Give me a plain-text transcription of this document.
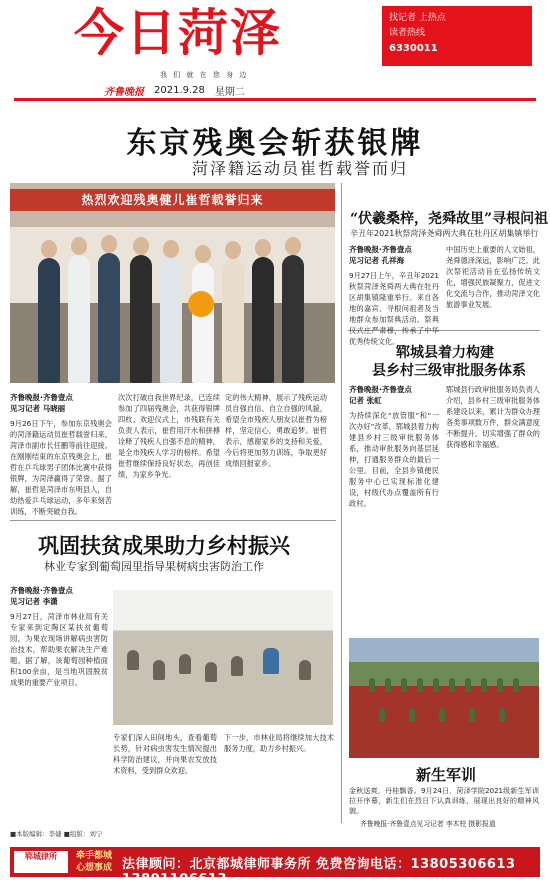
今日菏泽
我 们 就 在 您 身 边
齐鲁晚报 2021.9.28 星期二
找记者 上热点
读者热线
6330011
东京残奥会斩获银牌
菏泽籍运动员崔哲载誉而归
热烈欢迎残奥健儿崔哲载誉归来
齐鲁晚报·齐鲁壹点
见习记者 马晓丽
9月26日下午，参加东京残奥会的菏泽籍运动员崔哲载誉归来，菏泽市副市长任鹏等前往迎接。在刚刚结束的东京残奥会上，崔哲在乒乓球男子团体比赛中获得银牌，为菏泽赢得了荣誉。据了解，崔哲是菏泽市东明县人，自幼热爱乒乓球运动，多年来刻苦训练，不断突破自我。
次次打破自我世界纪录，已连续参加了四届残奥会，共获得银牌四枚。欢迎仪式上，市残联有关负责人表示，崔哲用汗水和拼搏诠释了残疾人自强不息的精神，是全市残疾人学习的榜样。希望崔哲继续保持良好状态，再创佳绩，为家乡争光。
定的伟大精神，展示了残疾运动员自强自信、自立自强的风貌，希望全市残疾人朋友以崔哲为榜样，坚定信心，勇敢追梦。崔哲表示，感谢家乡的支持和关爱，今后将更加努力训练，争取更好成绩回报家乡。
“伏羲桑梓，尧舜故里”寻根问祖
辛丑年2021秋祭菏泽尧舜两大典在牡丹区胡集镇举行
齐鲁晚报·齐鲁壹点
见习记者 孔祥海
9月27日上午，辛丑年2021秋祭菏泽尧舜两大典在牡丹区胡集镇隆重举行。来自各地的嘉宾、寻根问祖者及当地群众参加祭典活动。祭典仪式庄严肃穆，传承了中华优秀传统文化。
中国历史上重要的人文始祖，尧舜德泽深远，影响广泛。此次祭祀活动旨在弘扬传统文化，增强民族凝聚力，促进文化交流与合作，推动菏泽文化旅游事业发展。
郓城县着力构建
县乡村三级审批服务体系
齐鲁晚报·齐鲁壹点
记者 张虹
为持续深化“放管服”和“一次办好”改革，郓城县着力构建县乡村三级审批服务体系，推动审批服务向基层延伸，打通服务群众的最后一公里。目前，全县乡镇便民服务中心已实现标准化建设，村级代办点覆盖所有行政村。
郓城县行政审批服务局负责人介绍，县乡村三级审批服务体系建设以来，累计为群众办理各类事项数万件，群众满意度不断提升，切实增强了群众的获得感和幸福感。
巩固扶贫成果助力乡村振兴
林业专家到葡萄园里指导果树病虫害防治工作
齐鲁晚报·齐鲁壹点
见习记者 李潇
9月27日，菏泽市林业局有关专家来到定陶区某扶贫葡萄园，为果农现场讲解病虫害防治技术，帮助果农解决生产难题。据了解，该葡萄园种植面积100余亩，是当地巩固脱贫成果的重要产业项目。
专家们深入田间地头，查看葡萄长势，针对病虫害发生情况提出科学防治建议，并向果农发放技术资料，受到群众欢迎。
下一步，市林业局将继续加大技术服务力度，助力乡村振兴。
新生军训
金秋送爽，丹桂飘香。9月24日，菏泽学院2021级新生军训拉开序幕，新生们在烈日下认真训练，展现出良好的精神风貌。
齐鲁晚报·齐鲁壹点见习记者 李木柱 摄影报道
■本版编辑：李婕 ■组版：刘宁
郓城律所	牵手都城
心想事成 法律顾问：北京都城律师事务所 免费咨询电话：13805306613 13801106613
